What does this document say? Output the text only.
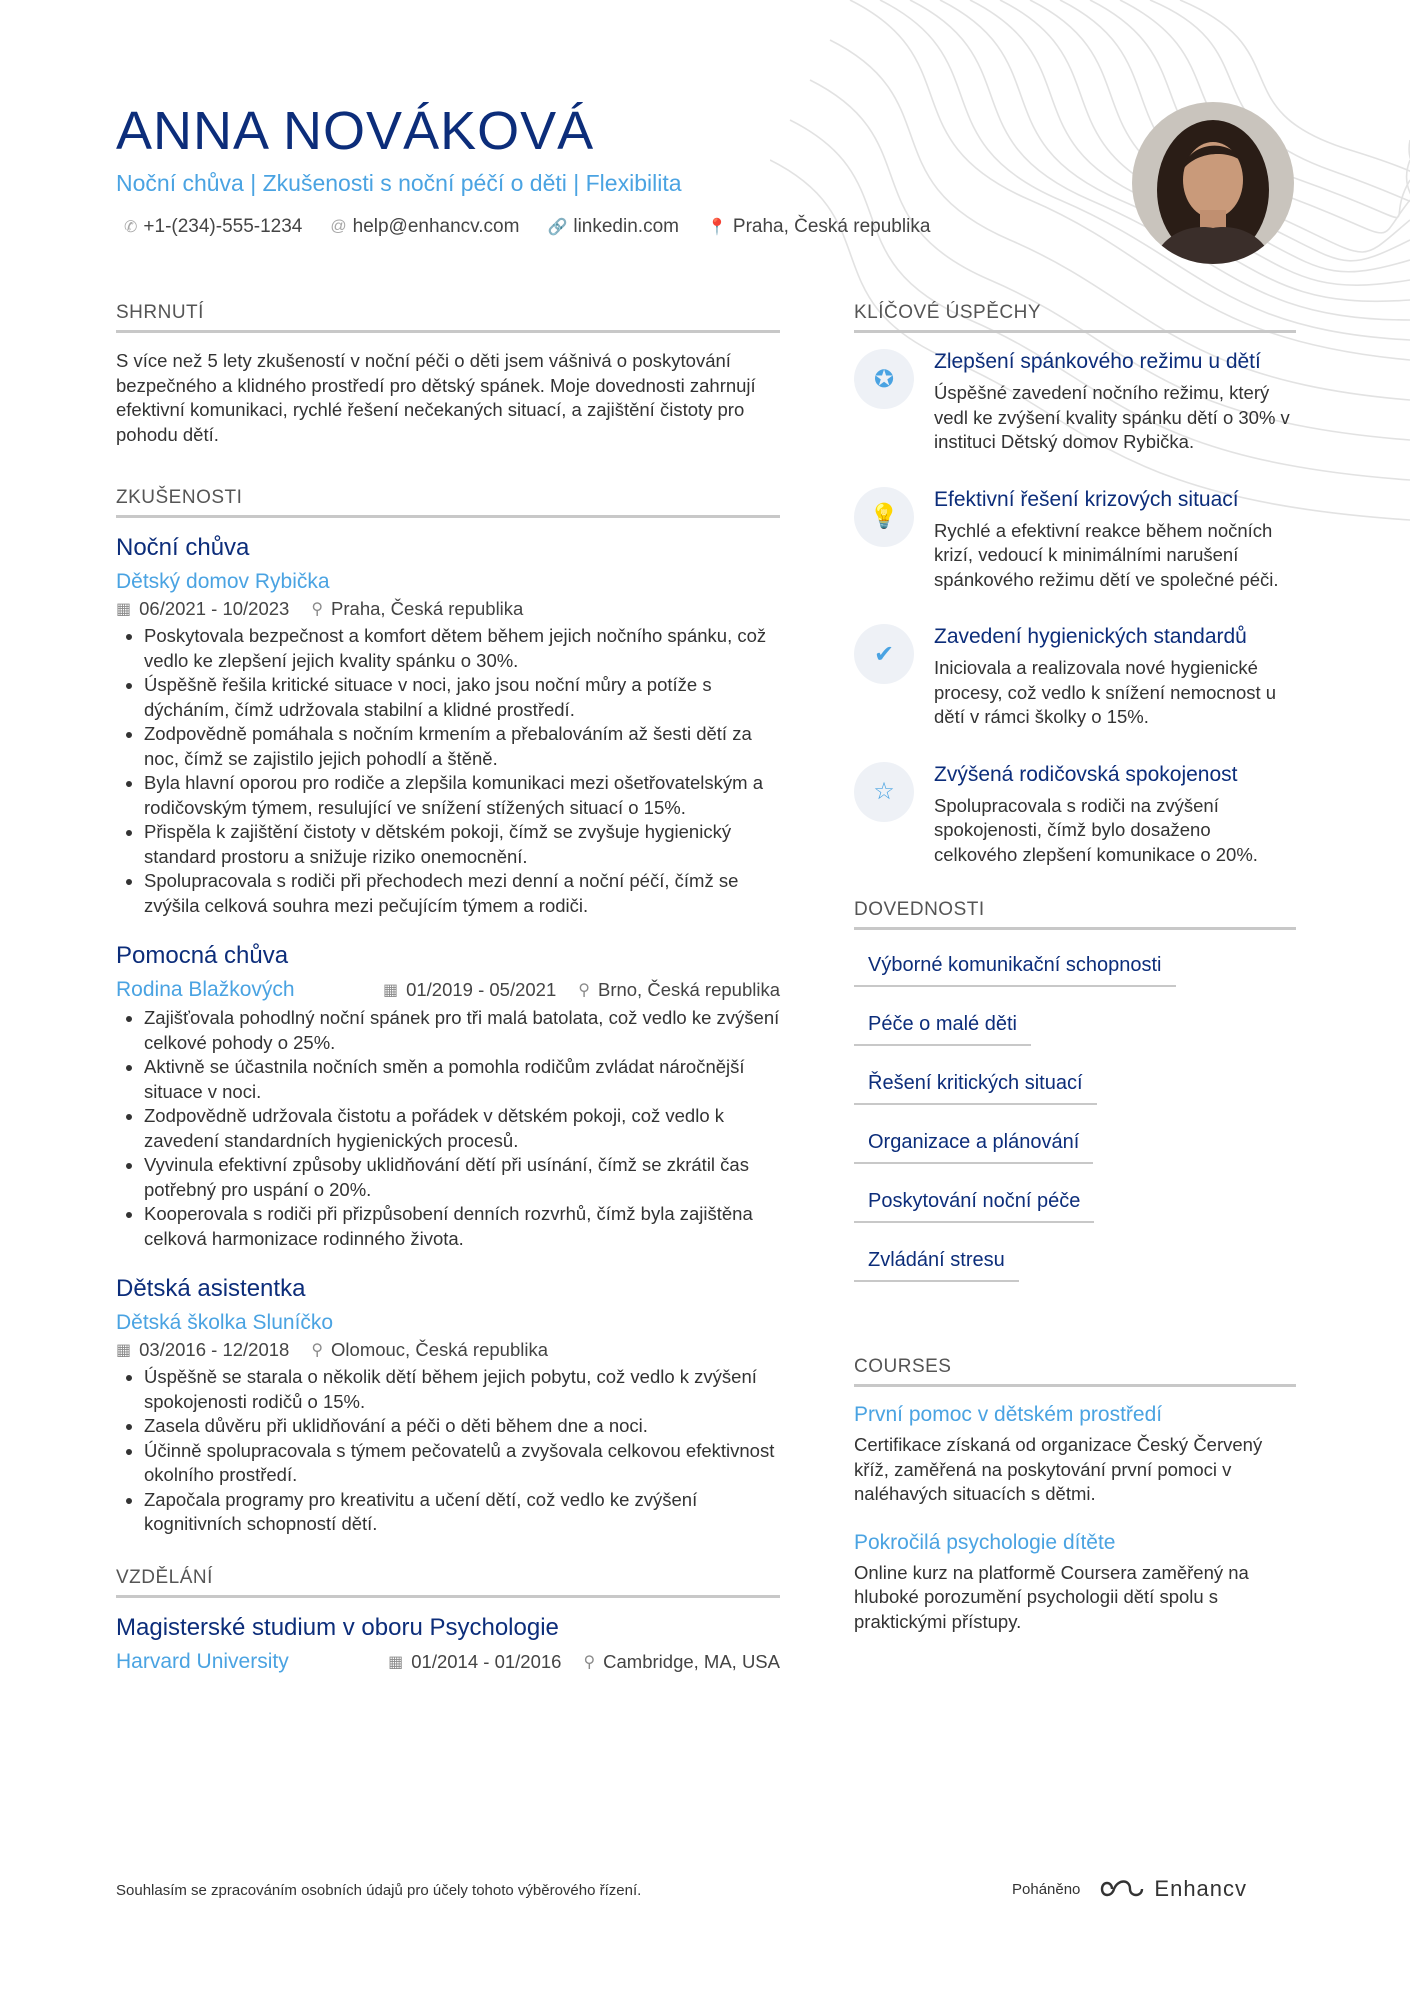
ANNA NOVÁKOVÁ
Noční chůva | Zkušenosti s noční péčí o děti | Flexibilita
✆ +1-(234)-555-1234 @ help@enhancv.com 🔗 linkedin.com 📍 Praha, Česká republika
SHRNUTÍ
S více než 5 lety zkušeností v noční péči o děti jsem vášnivá o poskytování bezpečného a klidného prostředí pro dětský spánek. Moje dovednosti zahrnují efektivní komunikaci, rychlé řešení nečekaných situací, a zajištění čistoty pro pohodu dětí.
ZKUŠENOSTI
Noční chůva
Dětský domov Rybička
▦ 06/2021 - 10/2023 ⚲ Praha, Česká republika
• Poskytovala bezpečnost a komfort dětem během jejich nočního spánku, což vedlo ke zlepšení jejich kvality spánku o 30%.
• Úspěšně řešila kritické situace v noci, jako jsou noční můry a potíže s dýcháním, čímž udržovala stabilní a klidné prostředí.
• Zodpovědně pomáhala s nočním krmením a přebalováním až šesti dětí za noc, čímž se zajistilo jejich pohodlí a štěně.
• Byla hlavní oporou pro rodiče a zlepšila komunikaci mezi ošetřovatelským a rodičovským týmem, resulující ve snížení stížených situací o 15%.
• Přispěla k zajištění čistoty v dětském pokoji, čímž se zvyšuje hygienický standard prostoru a snižuje riziko onemocnění.
• Spolupracovala s rodiči při přechodech mezi denní a noční péčí, čímž se zvýšila celková souhra mezi pečujícím týmem a rodiči.
Pomocná chůva
Rodina Blažkových	▦ 01/2019 - 05/2021 ⚲ Brno, Česká republika
• Zajišťovala pohodlný noční spánek pro tři malá batolata, což vedlo ke zvýšení celkové pohody o 25%.
• Aktivně se účastnila nočních směn a pomohla rodičům zvládat náročnější situace v noci.
• Zodpovědně udržovala čistotu a pořádek v dětském pokoji, což vedlo k zavedení standardních hygienických procesů.
• Vyvinula efektivní způsoby uklidňování dětí při usínání, čímž se zkrátil čas potřebný pro uspání o 20%.
• Kooperovala s rodiči při přizpůsobení denních rozvrhů, čímž byla zajištěna celková harmonizace rodinného života.
Dětská asistentka
Dětská školka Sluníčko
▦ 03/2016 - 12/2018 ⚲ Olomouc, Česká republika
• Úspěšně se starala o několik dětí během jejich pobytu, což vedlo k zvýšení spokojenosti rodičů o 15%.
• Zasela důvěru při uklidňování a péči o děti během dne a noci.
• Účinně spolupracovala s týmem pečovatelů a zvyšovala celkovou efektivnost okolního prostředí.
• Započala programy pro kreativitu a učení dětí, což vedlo ke zvýšení kognitivních schopností dětí.
VZDĚLÁNÍ
Magisterské studium v oboru Psychologie
Harvard University	▦ 01/2014 - 01/2016 ⚲ Cambridge, MA, USA
KLÍČOVÉ ÚSPĚCHY
✪
Zlepšení spánkového režimu u dětí
Úspěšné zavedení nočního režimu, který vedl ke zvýšení kvality spánku dětí o 30% v instituci Dětský domov Rybička.
💡
Efektivní řešení krizových situací
Rychlé a efektivní reakce během nočních krizí, vedoucí k minimálními narušení spánkového režimu dětí ve společné péči.
✔
Zavedení hygienických standardů
Iniciovala a realizovala nové hygienické procesy, což vedlo k snížení nemocnost u dětí v rámci školky o 15%.
☆
Zvýšená rodičovská spokojenost
Spolupracovala s rodiči na zvýšení spokojenosti, čímž bylo dosaženo celkového zlepšení komunikace o 20%.
DOVEDNOSTI
Výborné komunikační schopnosti
Péče o malé děti
Řešení kritických situací
Organizace a plánování
Poskytování noční péče
Zvládání stresu
COURSES
První pomoc v dětském prostředí
Certifikace získaná od organizace Český Červený kříž, zaměřená na poskytování první pomoci v naléhavých situacích s dětmi.
Pokročilá psychologie dítěte
Online kurz na platformě Coursera zaměřený na hluboké porozumění psychologii dětí spolu s praktickými přístupy.
Souhlasím se zpracováním osobních údajů pro účely tohoto výběrového řízení.	Poháněno	Enhancv
